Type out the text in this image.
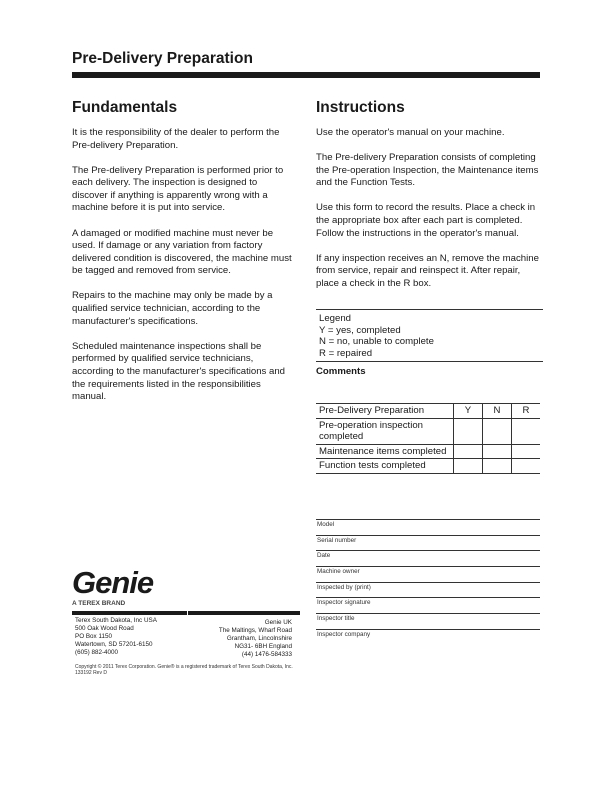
Pre-Delivery Preparation
Fundamentals

It is the responsibility of the dealer to perform the Pre-delivery Preparation.

The Pre-delivery Preparation is performed prior to each delivery. The inspection is designed to discover if anything is apparently wrong with a machine before it is put into service.

A damaged or modified machine must never be used. If damage or any variation from factory delivered condition is discovered, the machine must be tagged and removed from service.

Repairs to the machine may only be made by a qualified service technician, according to the manufacturer's specifications.

Scheduled maintenance inspections shall be performed by qualified service technicians, according to the manufacturer's specifications and the requirements listed in the responsibilities manual.

Instructions

Use the operator's manual on your machine.

The Pre-delivery Preparation consists of completing the Pre-operation Inspection, the Maintenance items and the Function Tests.

Use this form to record the results. Place a check in the appropriate box after each part is completed.

Follow the instructions in the operator's manual.

If any inspection receives an N, remove the machine from service, repair and reinspect it. After repair, place a check in the R box.

Legend
Y = yes, completed
N = no, unable to complete
R = repaired
Comments
Pre-Delivery Preparation	Y	N	R
Pre-operation inspection completed			
Maintenance items completed			
Function tests completed			
Model
Serial number
Date
Machine owner
Inspected by (print)
Inspector signature
Inspector title
Inspector company
Genie
A TEREX BRAND
Terex South Dakota, Inc USA
500 Oak Wood Road
PO Box 1150
Watertown, SD 57201-6150
(605) 882-4000
Genie UK
The Maltings, Wharf Road
Grantham, Lincolnshire
NG31- 6BH England
(44) 1476-584333
Copyright © 2011 Terex Corporation. Genie® is a registered trademark of Terex South Dakota, Inc. 133192 Rev D
